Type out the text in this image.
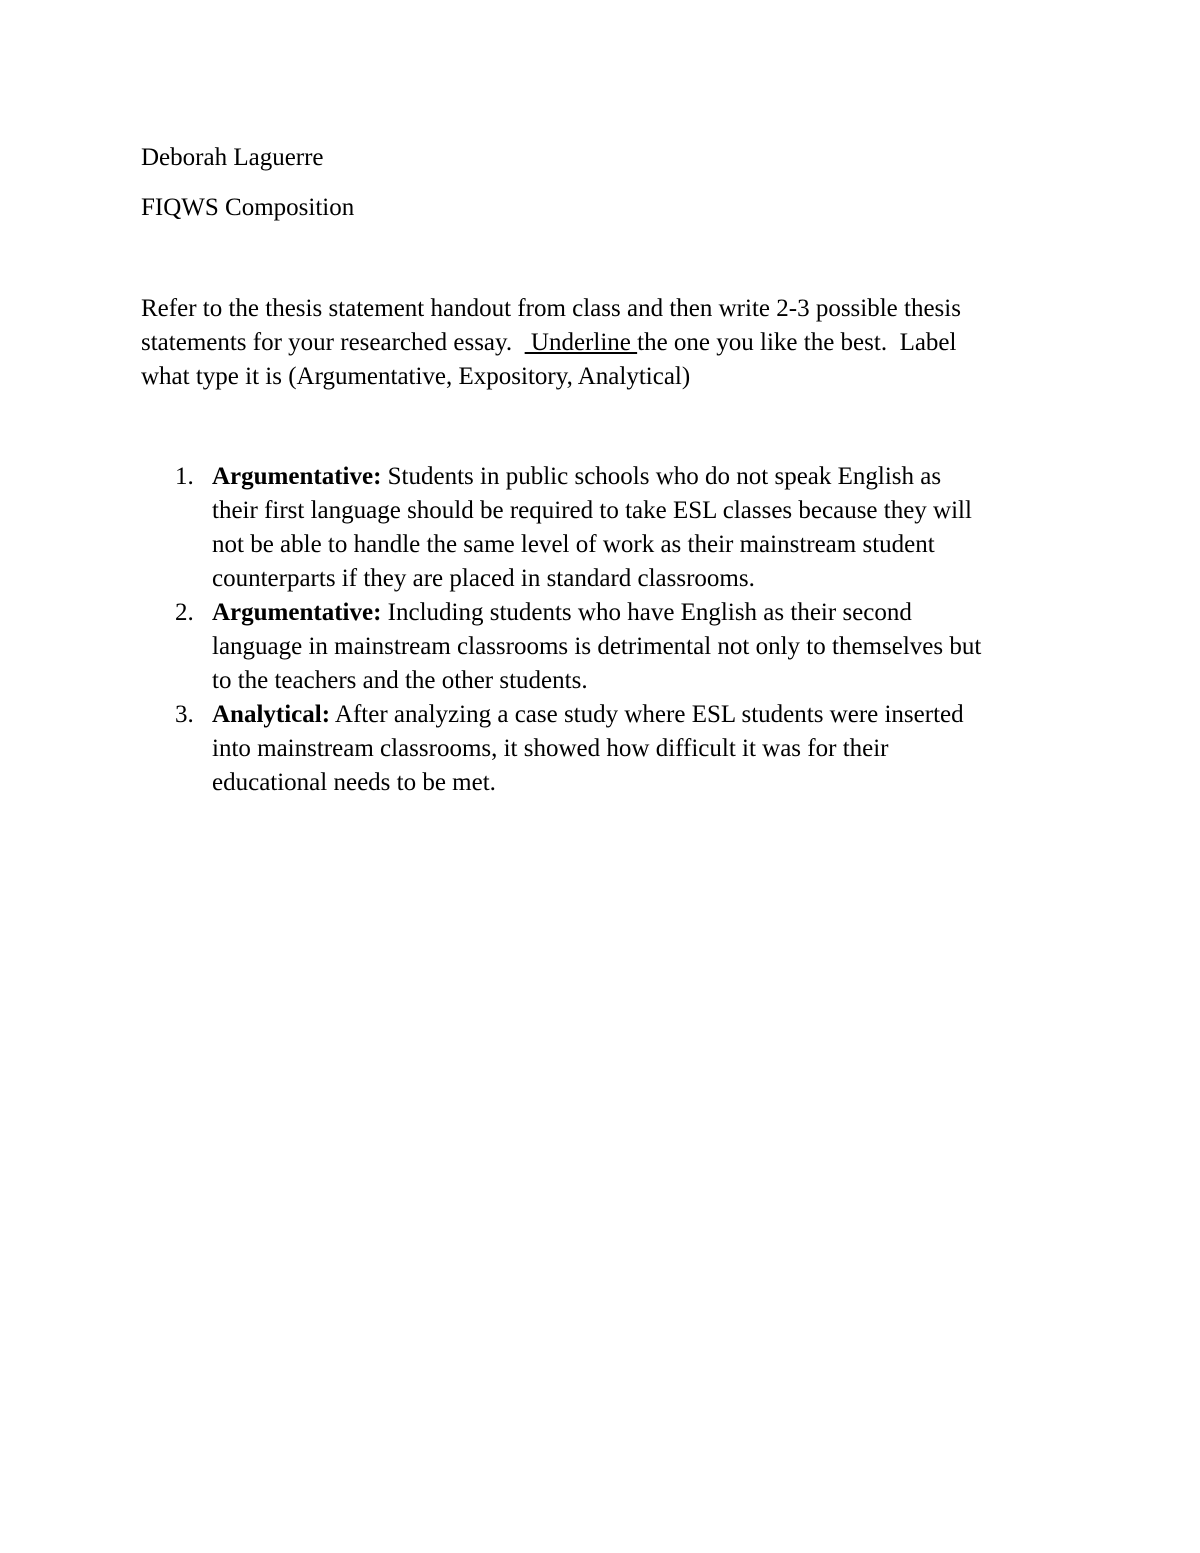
Deborah Laguerre
FIQWS Composition
Refer to the thesis statement handout from class and then write 2-3 possible thesis
statements for your researched essay.   Underline the one you like the best.  Label
what type it is (Argumentative, Expository, Analytical)
1. Argumentative: Students in public schools who do not speak English as
their first language should be required to take ESL classes because they will
not be able to handle the same level of work as their mainstream student
counterparts if they are placed in standard classrooms.
2. Argumentative: Including students who have English as their second
language in mainstream classrooms is detrimental not only to themselves but
to the teachers and the other students.
3. Analytical: After analyzing a case study where ESL students were inserted
into mainstream classrooms, it showed how difficult it was for their
educational needs to be met.
